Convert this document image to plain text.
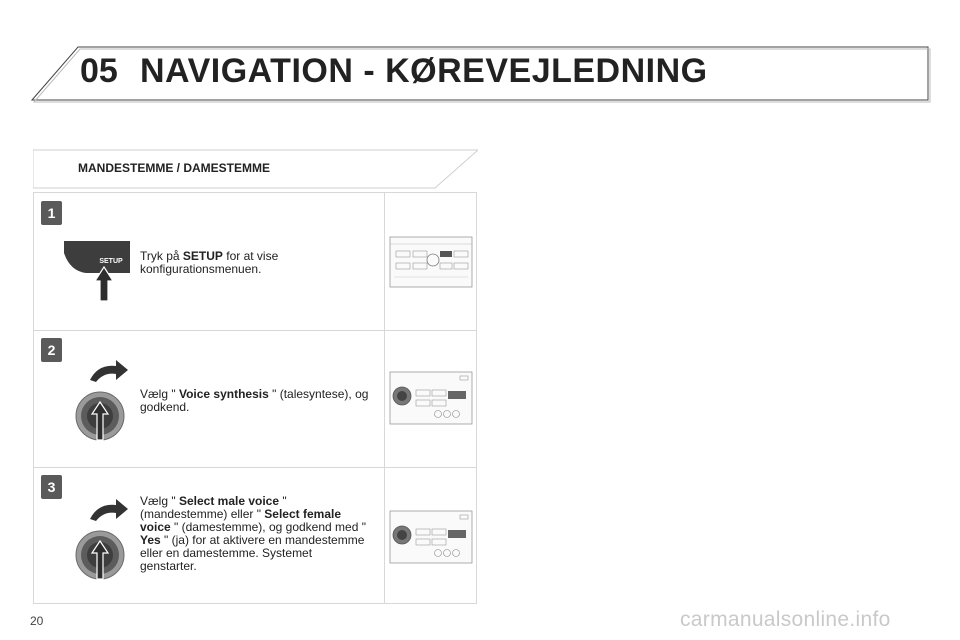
05 NAVIGATION - KØREVEJLEDNING
MANDESTEMME / DAMESTEMME
1
SETUP Tryk på SETUP for at vise konfigurationsmenuen.
2
Vælg " Voice synthesis " (talesyntese), og godkend.
3
Vælg " Select male voice " (mandestemme) eller " Select female voice " (damestemme), og godkend med " Yes " (ja) for at aktivere en mandestemme eller en damestemme. Systemet genstarter.
20	carmanualsonline.info
